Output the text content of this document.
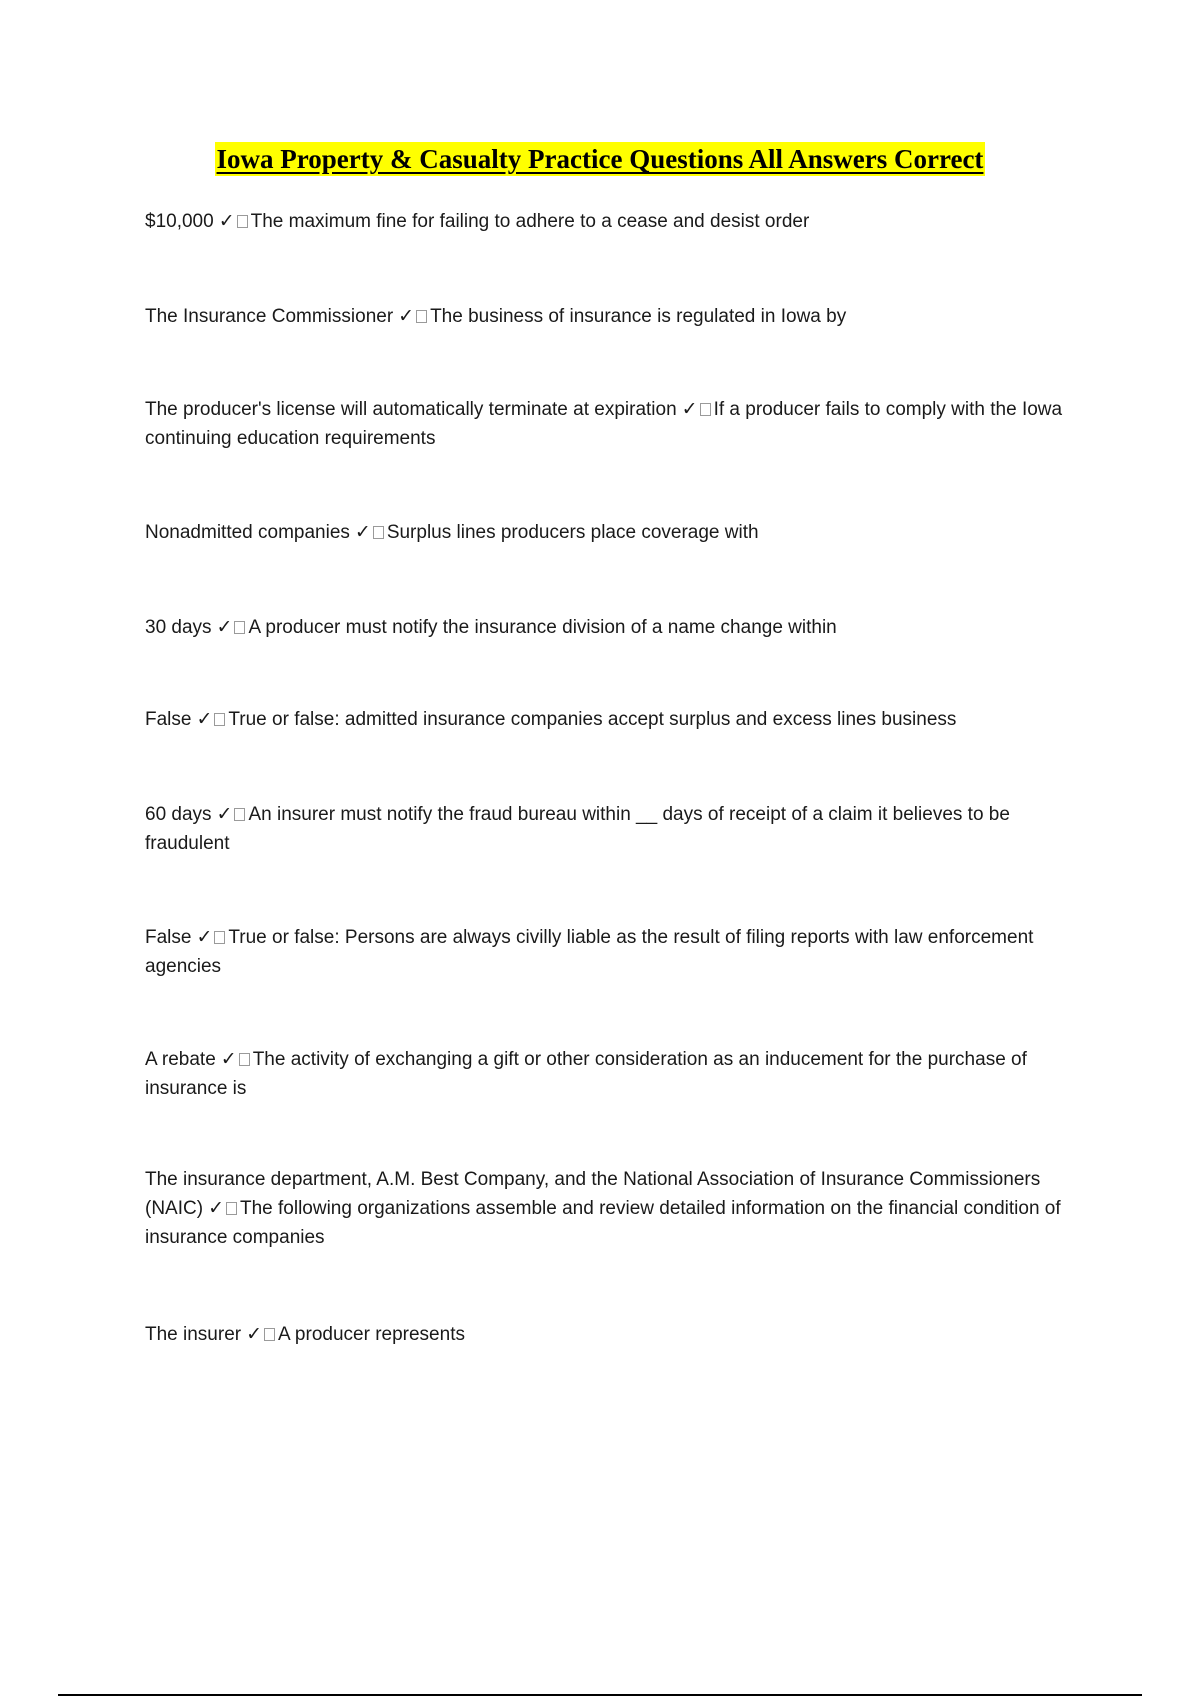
Iowa Property & Casualty Practice Questions All Answers Correct

$10,000 ✓ The maximum fine for failing to adhere to a cease and desist order

The Insurance Commissioner ✓ The business of insurance is regulated in Iowa by

The producer's license will automatically terminate at expiration ✓ If a producer fails to comply with the Iowa continuing education requirements

Nonadmitted companies ✓ Surplus lines producers place coverage with

30 days ✓ A producer must notify the insurance division of a name change within

False ✓ True or false: admitted insurance companies accept surplus and excess lines business

60 days ✓ An insurer must notify the fraud bureau within __ days of receipt of a claim it believes to be fraudulent

False ✓ True or false: Persons are always civilly liable as the result of filing reports with law enforcement agencies

A rebate ✓ The activity of exchanging a gift or other consideration as an inducement for the purchase of insurance is

The insurance department, A.M. Best Company, and the National Association of Insurance Commissioners (NAIC) ✓ The following organizations assemble and review detailed information on the financial condition of insurance companies

The insurer ✓ A producer represents
